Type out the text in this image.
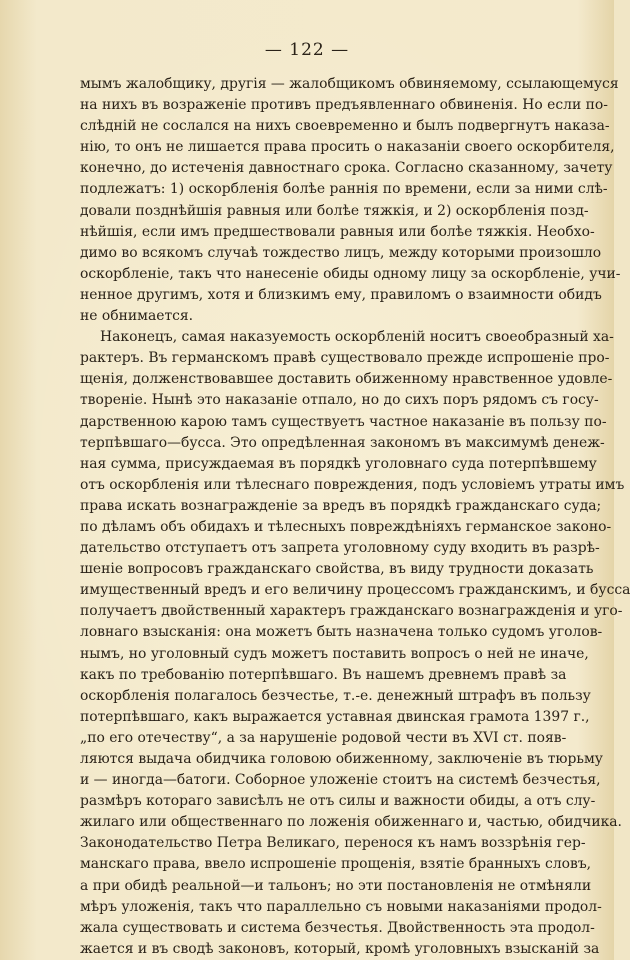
— 122 —
мымъ жалобщику, другія — жалобщикомъ обвиняемому, ссылающемуся
на нихъ въ возраженіе противъ предъявленнаго обвиненія. Но если по-
слѣдній не сослался на нихъ своевременно и былъ подвергнутъ наказа-
нію, то онъ не лишается права просить о наказаніи своего оскорбителя,
конечно, до истеченія давностнаго срока. Согласно сказанному, зачету
подлежатъ: 1) оскорбленія болѣе раннія по времени, если за ними слѣ-
довали позднѣйшія равныя или болѣе тяжкія, и 2) оскорбленія позд-
нѣйшія, если имъ предшествовали равныя или болѣе тяжкія. Необхо-
димо во всякомъ случаѣ тождество лицъ, между которыми произошло
оскорбленіе, такъ что нанесеніе обиды одному лицу за оскорбленіе, учи-
ненное другимъ, хотя и близкимъ ему, правиломъ о взаимности обидъ
не обнимается.
Наконецъ, самая наказуемость оскорбленій носитъ своеобразный ха-
рактеръ. Въ германскомъ правѣ существовало прежде испрошеніе про-
щенія, долженствовавшее доставить обиженному нравственное удовле-
твореніе. Нынѣ это наказаніе отпало, но до сихъ поръ рядомъ съ госу-
дарственною карою тамъ существуетъ частное наказаніе въ пользу по-
терпѣвшаго—бусса. Это опредѣленная закономъ въ максимумѣ денеж-
ная сумма, присуждаемая въ порядкѣ уголовнаго суда потерпѣвшему
отъ оскорбленія или тѣлеснаго повреждения, подъ условіемъ утраты имъ
права искать вознагражденіе за вредъ въ порядкѣ гражданскаго суда;
по дѣламъ объ обидахъ и тѣлесныхъ повреждѣніяхъ германское законо-
дательство отступаетъ отъ запрета уголовному суду входить въ разрѣ-
шеніе вопросовъ гражданскаго свойства, въ виду трудности доказать
имущественный вредъ и его величину процессомъ гражданскимъ, и бусса
получаетъ двойственный характеръ гражданскаго вознагражденія и уго-
ловнаго взысканія: она можетъ быть назначена только судомъ уголов-
нымъ, но уголовный судъ можетъ поставить вопросъ о ней не иначе,
какъ по требованію потерпѣвшаго. Въ нашемъ древнемъ правѣ за
оскорбленія полагалось безчестье, т.-е. денежный штрафъ въ пользу
потерпѣвшаго, какъ выражается уставная двинская грамота 1397 г.,
„по его отечеству“, а за нарушеніе родовой чести въ XVI ст. появ-
ляются выдача обидчика головою обиженному, заключеніе въ тюрьму
и — иногда—батоги. Соборное уложеніе стоитъ на системѣ безчестья,
размѣръ котораго зависѣлъ не отъ силы и важности обиды, а отъ слу-
жилаго или общественнаго по ложенія обиженнаго и, частью, обидчика.
Законодательство Петра Великаго, перенося къ намъ воззрѣнія гер-
манскаго права, ввело испрошеніе прощенія, взятіе бранныхъ словъ,
а при обидѣ реальной—и тальонъ; но эти постановленія не отмѣняли
мѣръ уложенія, такъ что параллельно съ новыми наказаніями продол-
жала существовать и система безчестья. Двойственность эта продол-
жается и въ сводѣ законовъ, который, кромѣ уголовныхъ взысканій за
